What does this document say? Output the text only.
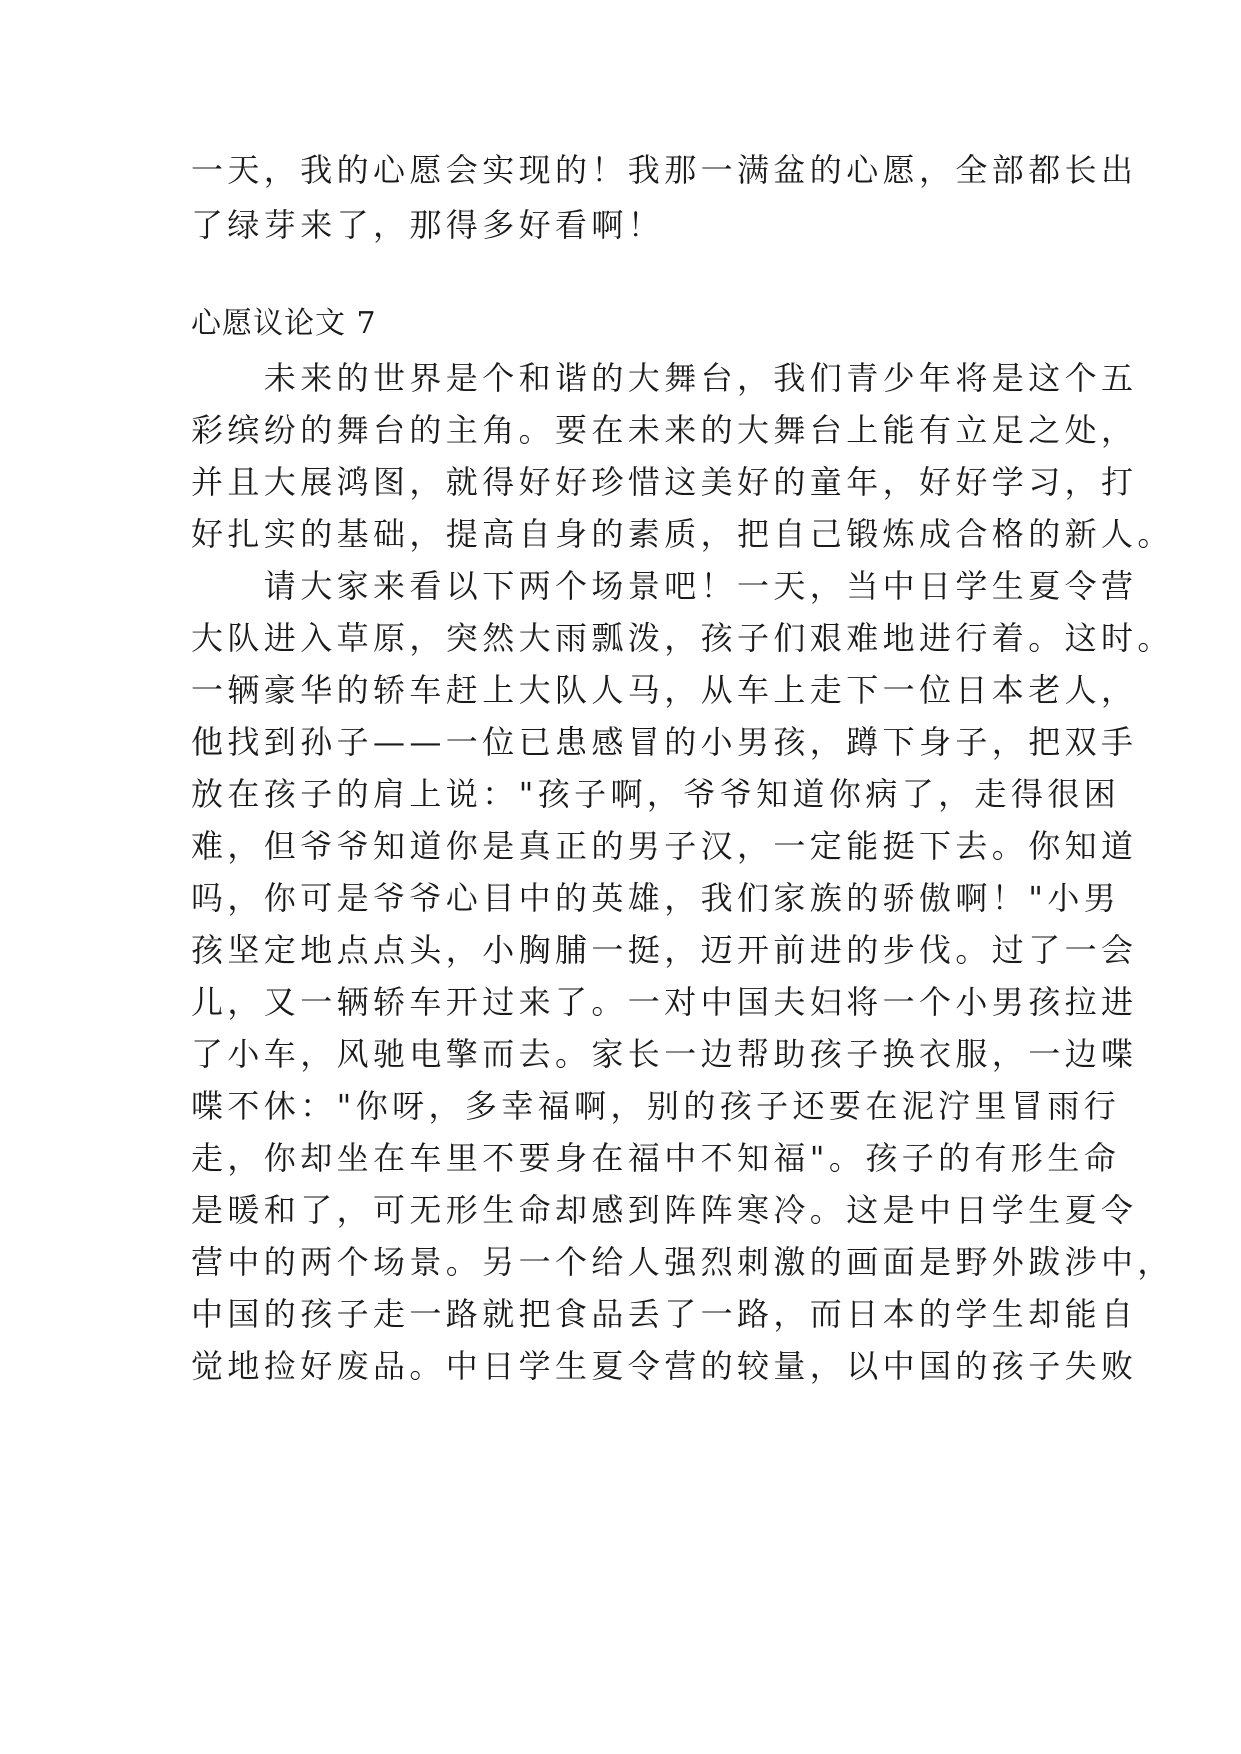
一天，我的心愿会实现的！我那一满盆的心愿，全部都长出
了绿芽来了，那得多好看啊！
心愿议论文 7
　　未来的世界是个和谐的大舞台，我们青少年将是这个五
彩缤纷的舞台的主角。要在未来的大舞台上能有立足之处，
并且大展鸿图，就得好好珍惜这美好的童年，好好学习，打
好扎实的基础，提高自身的素质，把自己锻炼成合格的新人。
　　请大家来看以下两个场景吧！一天，当中日学生夏令营
大队进入草原，突然大雨瓢泼，孩子们艰难地进行着。这时。
一辆豪华的轿车赶上大队人马，从车上走下一位日本老人，
他找到孙子——一位已患感冒的小男孩，蹲下身子，把双手
放在孩子的肩上说："孩子啊，爷爷知道你病了，走得很困
难，但爷爷知道你是真正的男子汉，一定能挺下去。你知道
吗，你可是爷爷心目中的英雄，我们家族的骄傲啊！"小男
孩坚定地点点头，小胸脯一挺，迈开前进的步伐。过了一会
儿，又一辆轿车开过来了。一对中国夫妇将一个小男孩拉进
了小车，风驰电擎而去。家长一边帮助孩子换衣服，一边喋
喋不休："你呀，多幸福啊，别的孩子还要在泥泞里冒雨行
走，你却坐在车里不要身在福中不知福"。孩子的有形生命
是暖和了，可无形生命却感到阵阵寒冷。这是中日学生夏令
营中的两个场景。另一个给人强烈刺激的画面是野外跋涉中，
中国的孩子走一路就把食品丢了一路，而日本的学生却能自
觉地捡好废品。中日学生夏令营的较量，以中国的孩子失败
